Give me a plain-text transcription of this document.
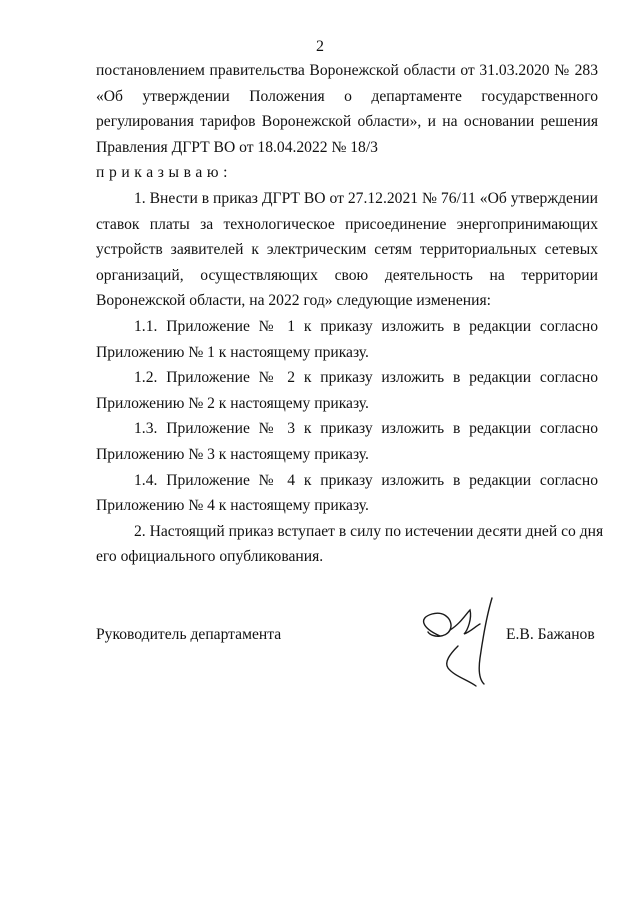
2
постановлением правительства Воронежской области от 31.03.2020 № 283
«Об утверждении Положения о департаменте государственного
регулирования тарифов Воронежской области», и на основании решения
Правления ДГРТ ВО от 18.04.2022 № 18/3
приказываю:
1. Внести в приказ ДГРТ ВО от 27.12.2021 № 76/11 «Об утверждении
ставок платы за технологическое присоединение энергопринимающих
устройств заявителей к электрическим сетям территориальных сетевых
организаций, осуществляющих свою деятельность на территории
Воронежской области, на 2022 год» следующие изменения:
1.1. Приложение № 1 к приказу изложить в редакции согласно
Приложению № 1 к настоящему приказу.
1.2. Приложение № 2 к приказу изложить в редакции согласно
Приложению № 2 к настоящему приказу.
1.3. Приложение № 3 к приказу изложить в редакции согласно
Приложению № 3 к настоящему приказу.
1.4. Приложение № 4 к приказу изложить в редакции согласно
Приложению № 4 к настоящему приказу.
2. Настоящий приказ вступает в силу по истечении десяти дней со дня
его официального опубликования.
Руководитель департамента	Е.В. Бажанов
